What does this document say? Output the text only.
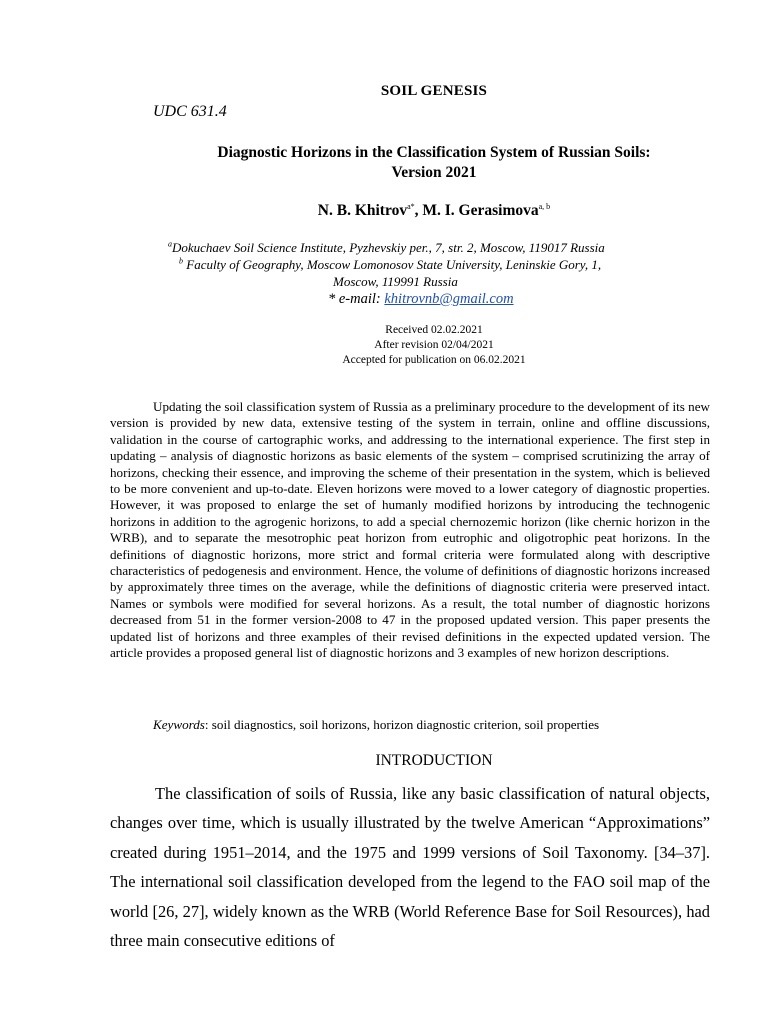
SOIL GENESIS
UDC 631.4
Diagnostic Horizons in the Classification System of Russian Soils:
Version 2021
N. B. Khitrov$^{a*}$, M. I. Gerasimova$^{a, b}$
$^a$Dokuchaev Soil Science Institute, Pyzhevskiy per., 7, str. 2, Moscow, 119017 Russia
$^b$ Faculty of Geography, Moscow Lomonosov State University, Leninskie Gory, 1,
Moscow, 119991 Russia
* e-mail: khitrovnb@gmail.com
Received 02.02.2021
After revision 02/04/2021
Accepted for publication on 06.02.2021

Updating the soil classification system of Russia as a preliminary procedure to the development of its new version is provided by new data, extensive testing of the system in terrain, online and offline discussions, validation in the course of cartographic works, and addressing to the international experience. The first step in updating – analysis of diagnostic horizons as basic elements of the system – comprised scrutinizing the array of horizons, checking their essence, and improving the scheme of their presentation in the system, which is believed to be more convenient and up-to-date. Eleven horizons were moved to a lower category of diagnostic properties. However, it was proposed to enlarge the set of humanly modified horizons by introducing the technogenic horizons in addition to the agrogenic horizons, to add a special chernozemic horizon (like chernic horizon in the WRB), and to separate the mesotrophic peat horizon from eutrophic and oligotrophic peat horizons. In the definitions of diagnostic horizons, more strict and formal criteria were formulated along with descriptive characteristics of pedogenesis and environment. Hence, the volume of definitions of diagnostic horizons increased by approximately three times on the average, while the definitions of diagnostic criteria were preserved intact. Names or symbols were modified for several horizons. As a result, the total number of diagnostic horizons decreased from 51 in the former version-2008 to 47 in the proposed updated version. This paper presents the updated list of horizons and three examples of their revised definitions in the expected updated version. The article provides a proposed general list of diagnostic horizons and 3 examples of new horizon descriptions.

Keywords: soil diagnostics, soil horizons, horizon diagnostic criterion, soil properties
INTRODUCTION

The classification of soils of Russia, like any basic classification of natural objects, changes over time, which is usually illustrated by the twelve American “Approximations” created during 1951–2014, and the 1975 and 1999 versions of Soil Taxonomy. [34–37]. The international soil classification developed from the legend to the FAO soil map of the world [26, 27], widely known as the WRB (World Reference Base for Soil Resources), had three main consecutive editions of
